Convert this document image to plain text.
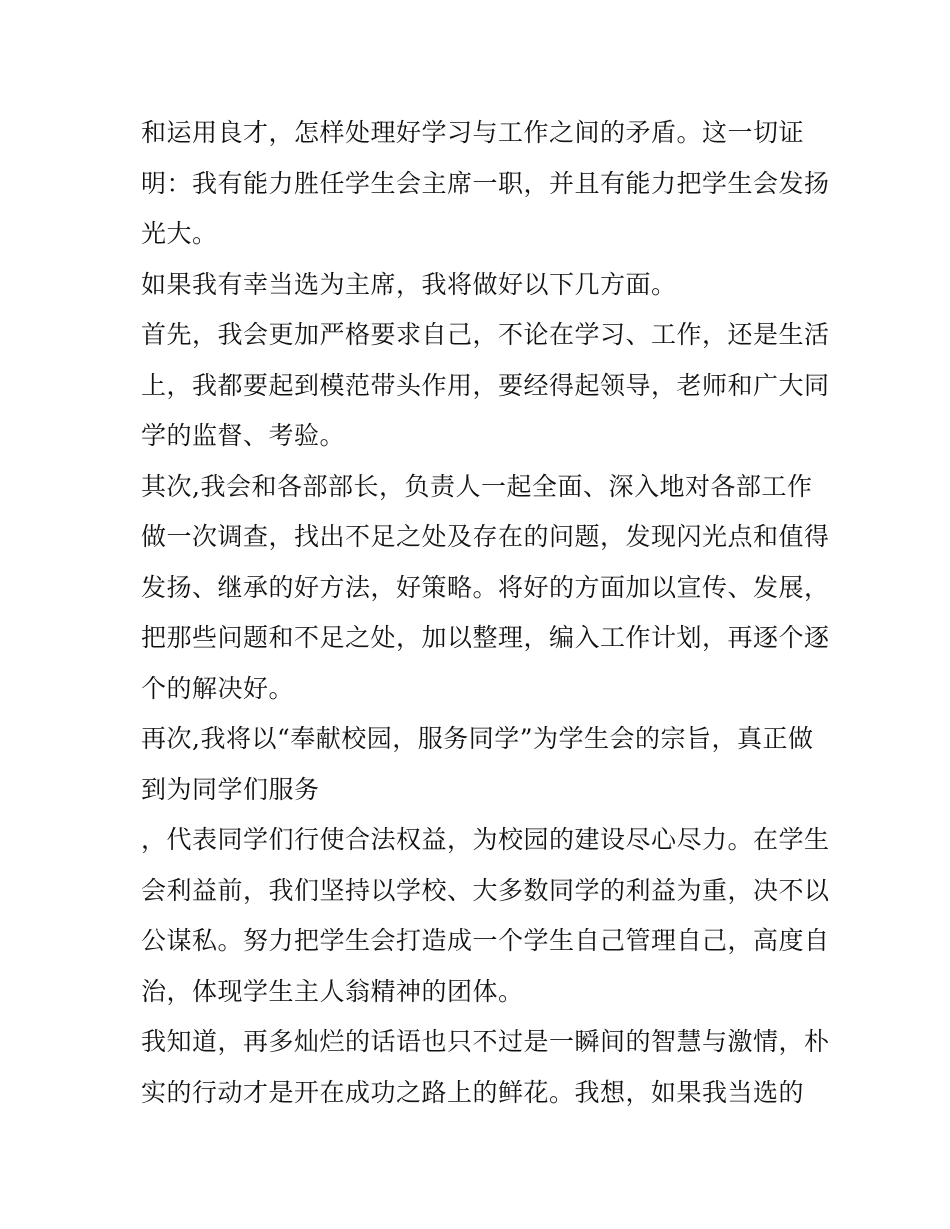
和运用良才，怎样处理好学习与工作之间的矛盾。这一切证
明：我有能力胜任学生会主席一职，并且有能力把学生会发扬
光大。
如果我有幸当选为主席，我将做好以下几方面。
首先，我会更加严格要求自己，不论在学习、工作，还是生活
上，我都要起到模范带头作用，要经得起领导，老师和广大同
学的监督、考验。
其次,我会和各部部长，负责人一起全面、深入地对各部工作
做一次调查，找出不足之处及存在的问题，发现闪光点和值得
发扬、继承的好方法，好策略。将好的方面加以宣传、发展，
把那些问题和不足之处，加以整理，编入工作计划，再逐个逐
个的解决好。
再次,我将以“奉献校园，服务同学”为学生会的宗旨，真正做
到为同学们服务
，代表同学们行使合法权益，为校园的建设尽心尽力。在学生
会利益前，我们坚持以学校、大多数同学的利益为重，决不以
公谋私。努力把学生会打造成一个学生自己管理自己，高度自
治，体现学生主人翁精神的团体。
我知道，再多灿烂的话语也只不过是一瞬间的智慧与激情，朴
实的行动才是开在成功之路上的鲜花。我想，如果我当选的
